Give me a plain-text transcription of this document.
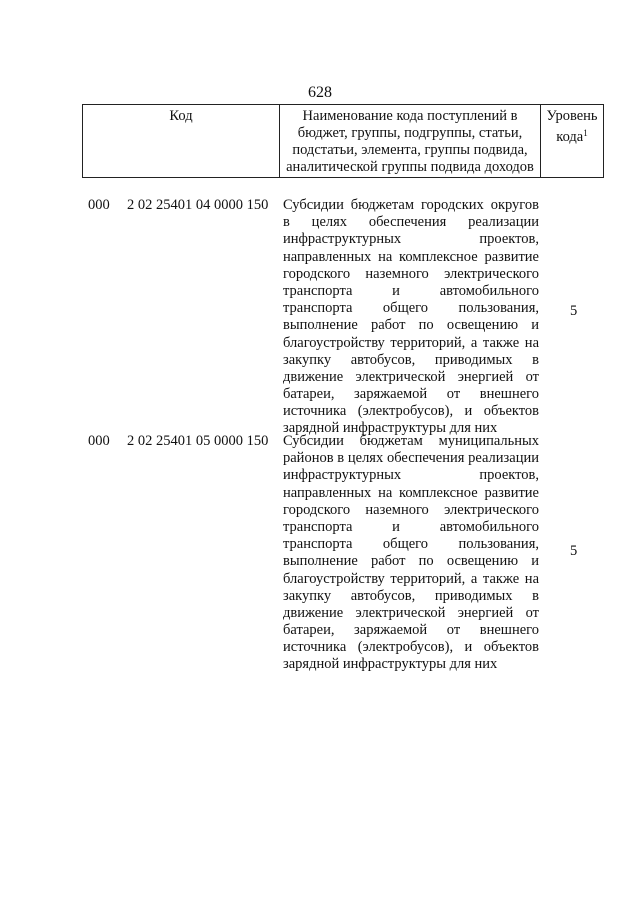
628
Код	Наименование кода поступлений в
бюджет, группы, подгруппы, статьи,
подстатьи, элемента, группы подвида,
аналитической группы подвида доходов
Уровень
кода$^1$
000 2 02 25401 04 0000 150 Субсидии бюджетам городских округов
в целях обеспечения реализации
инфраструктурных проектов,
направленных на комплексное развитие
городского наземного электрического
транспорта и автомобильного
транспорта общего пользования,
выполнение работ по освещению и
благоустройству территорий, а также на
закупку автобусов, приводимых в
движение электрической энергией от
батареи, заряжаемой от внешнего
источника (электробусов), и объектов
зарядной инфраструктуры для них
5
000 2 02 25401 05 0000 150 Субсидии бюджетам муниципальных
районов в целях обеспечения реализации
инфраструктурных проектов,
направленных на комплексное развитие
городского наземного электрического
транспорта и автомобильного
транспорта общего пользования,
выполнение работ по освещению и
благоустройству территорий, а также на
закупку автобусов, приводимых в
движение электрической энергией от
батареи, заряжаемой от внешнего
источника (электробусов), и объектов
зарядной инфраструктуры для них
5
